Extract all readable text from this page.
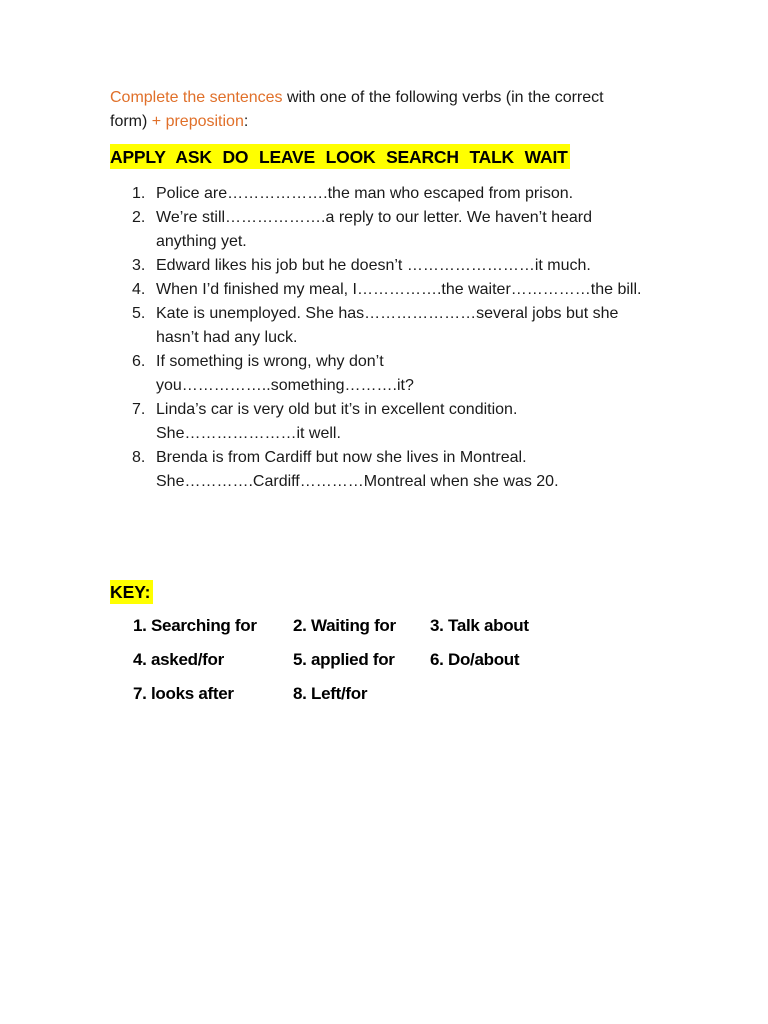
Complete the sentences with one of the following verbs (in the correct form) + preposition:

APPLY ASK DO LEAVE LOOK SEARCH TALK WAIT
1. Police are……………….the man who escaped from prison.
2. We’re still……………….a reply to our letter. We haven’t heard anything yet.
3. Edward likes his job but he doesn’t ……………………it much.
4. When I’d finished my meal, I…………….the waiter……………the bill.
5. Kate is unemployed. She has…………………several jobs but she hasn’t had any luck.
6. If something is wrong, why don’t you……………..something……….it?
7. Linda’s car is very old but it’s in excellent condition. She…………………it well.
8. Brenda is from Cardiff but now she lives in Montreal. She………….Cardiff…………Montreal when she was 20.
KEY:
1. Searching for	2. Waiting for	3. Talk about
4. asked/for	5. applied for	6. Do/about
7. looks after	8. Left/for
